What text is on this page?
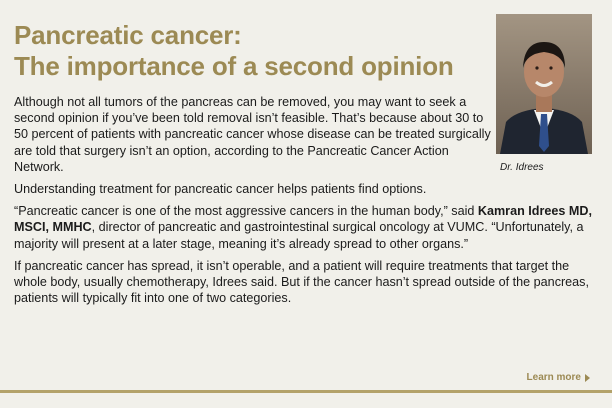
Pancreatic cancer:
The importance of a second opinion
Dr. Idrees

Although not all tumors of the pancreas can be removed, you may want to seek a second opinion if you’ve been told removal isn’t feasible. That’s because about 30 to 50 percent of patients with pancreatic cancer whose disease can be treated surgically are told that surgery isn’t an option, according to the Pancreatic Cancer Action Network.

Understanding treatment for pancreatic cancer helps patients find options.

“Pancreatic cancer is one of the most aggressive cancers in the human body,” said Kamran Idrees MD, MSCI, MMHC, director of pancreatic and gastrointestinal surgical oncology at VUMC. “Unfortunately, a majority will present at a later stage, meaning it’s already spread to other organs.”

If pancreatic cancer has spread, it isn’t operable, and a patient will require treatments that target the whole body, usually chemotherapy, Idrees said. But if the cancer hasn’t spread outside of the pancreas, patients will typically fit into one of two categories.

Learn more
